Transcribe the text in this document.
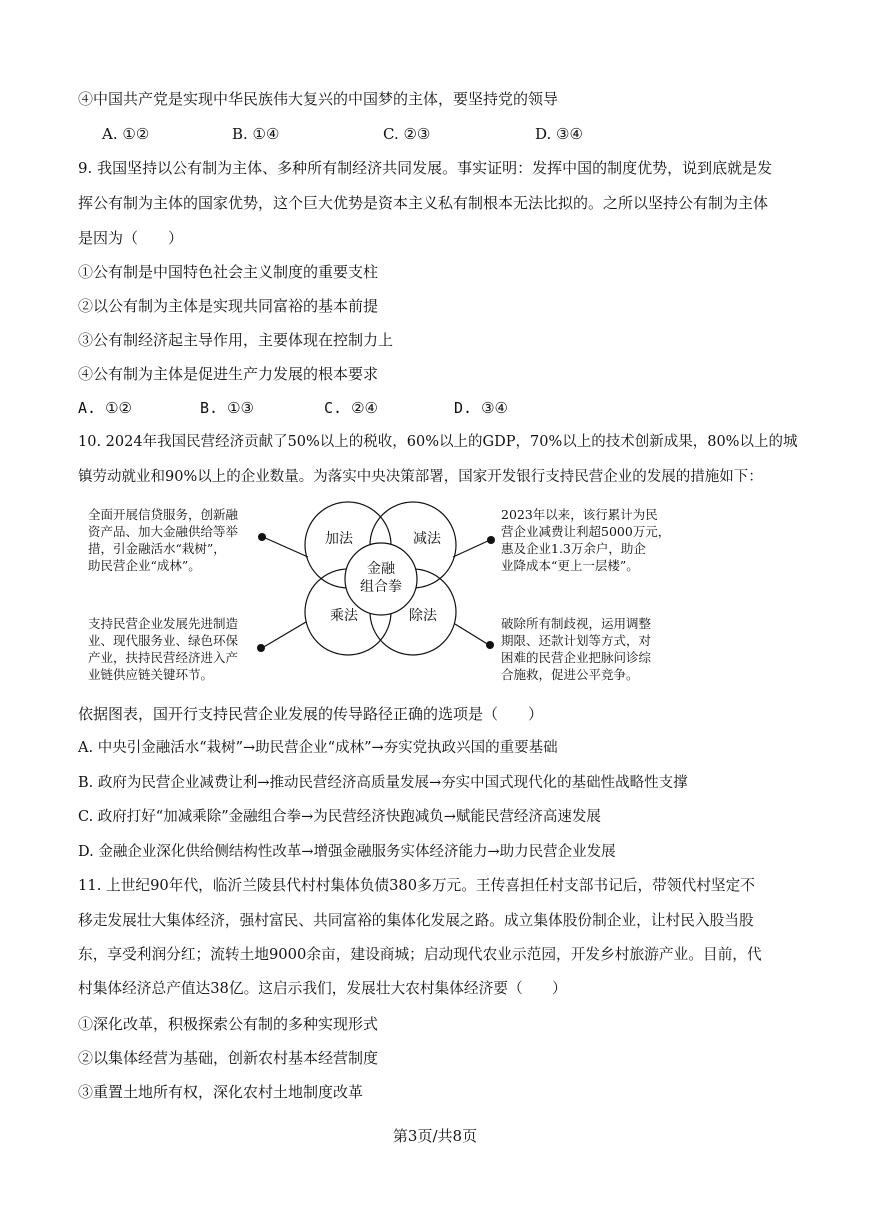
④中国共产党是实现中华民族伟大复兴的中国梦的主体，要坚持党的领导
A. ①②	B. ①④	C. ②③	D. ③④
9. 我国坚持以公有制为主体、多种所有制经济共同发展。事实证明：发挥中国的制度优势，说到底就是发
挥公有制为主体的国家优势，这个巨大优势是资本主义私有制根本无法比拟的。之所以坚持公有制为主体
是因为（　　）
①公有制是中国特色社会主义制度的重要支柱
②以公有制为主体是实现共同富裕的基本前提
③公有制经济起主导作用，主要体现在控制力上
④公有制为主体是促进生产力发展的根本要求
A. ①②	B. ①③	C. ②④	D. ③④
10. 2024年我国民营经济贡献了50%以上的税收，60%以上的GDP，70%以上的技术创新成果，80%以上的城
镇劳动就业和90%以上的企业数量。为落实中央决策部署，国家开发银行支持民营企业的发展的措施如下：
加法	减法
乘法	除法
金融
组合拳
全面开展信贷服务，创新融
资产品、加大金融供给等举
措，引金融活水“栽树”，
助民营企业“成林”。
2023年以来，该行累计为民
营企业减费让利超5000万元，
惠及企业1.3万余户，助企
业降成本“更上一层楼”。
支持民营企业发展先进制造
业、现代服务业、绿色环保
产业，扶持民营经济进入产
业链供应链关键环节。
破除所有制歧视，运用调整
期限、还款计划等方式，对
困难的民营企业把脉问诊综
合施救，促进公平竞争。
依据图表，国开行支持民营企业发展的传导路径正确的选项是（　　）
A. 中央引金融活水“栽树”→助民营企业“成林”→夯实党执政兴国的重要基础
B. 政府为民营企业减费让利→推动民营经济高质量发展→夯实中国式现代化的基础性战略性支撑
C. 政府打好“加减乘除”金融组合拳→为民营经济快跑减负→赋能民营经济高速发展
D. 金融企业深化供给侧结构性改革→增强金融服务实体经济能力→助力民营企业发展
11. 上世纪90年代，临沂兰陵县代村村集体负债380多万元。王传喜担任村支部书记后，带领代村坚定不
移走发展壮大集体经济，强村富民、共同富裕的集体化发展之路。成立集体股份制企业，让村民入股当股
东，享受利润分红；流转土地9000余亩，建设商城；启动现代农业示范园，开发乡村旅游产业。目前，代
村集体经济总产值达38亿。这启示我们，发展壮大农村集体经济要（　　）
①深化改革，积极探索公有制的多种实现形式
②以集体经营为基础，创新农村基本经营制度
③重置土地所有权，深化农村土地制度改革
第3页/共8页
